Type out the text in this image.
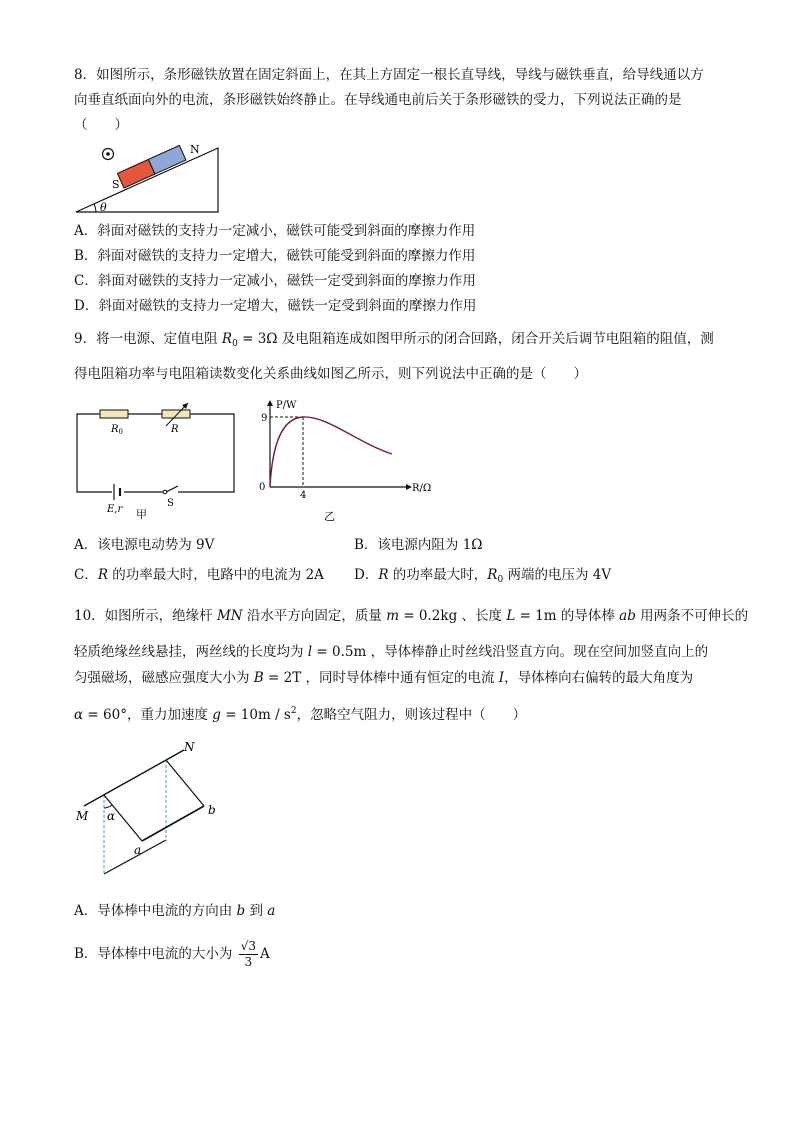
8．如图所示，条形磁铁放置在固定斜面上，在其上方固定一根长直导线，导线与磁铁垂直，给导线通以方
向垂直纸面向外的电流，条形磁铁始终静止。在导线通电前后关于条形磁铁的受力，下列说法正确的是
（　　）
S
N
θ
A．斜面对磁铁的支持力一定减小，磁铁可能受到斜面的摩擦力作用
B．斜面对磁铁的支持力一定增大，磁铁可能受到斜面的摩擦力作用
C．斜面对磁铁的支持力一定减小，磁铁一定受到斜面的摩擦力作用
D．斜面对磁铁的支持力一定增大，磁铁一定受到斜面的摩擦力作用
9．将一电源、定值电阻 $R_0 = 3\Omega$ 及电阻箱连成如图甲所示的闭合回路，闭合开关后调节电阻箱的阻值，测
得电阻箱功率与电阻箱读数变化关系曲线如图乙所示，则下列说法中正确的是（　　）
$R_0$	R
E,r
S
甲
P/W
R/Ω
0
9
4
乙
A．该电源电动势为 9V	B．该电源内阻为 1Ω
C．R 的功率最大时，电路中的电流为 2A D．R 的功率最大时，$R_0$ 两端的电压为 4V
10．如图所示，绝缘杆 MN 沿水平方向固定，质量 m = 0.2kg 、长度 L = 1m 的导体棒 ab 用两条不可伸长的
轻质绝缘丝线悬挂，两丝线的长度均为 l = 0.5m ，导体棒静止时丝线沿竖直方向。现在空间加竖直向上的
匀强磁场，磁感应强度大小为 B = 2T ，同时导体棒中通有恒定的电流 I，导体棒向右偏转的最大角度为
α = 60°，重力加速度 $g = 10m / s^2$，忽略空气阻力，则该过程中（　　）
M
N
a
b
α
A．导体棒中电流的方向由 b 到 a
B．导体棒中电流的大小为 $\frac{√3}{3}$ A
